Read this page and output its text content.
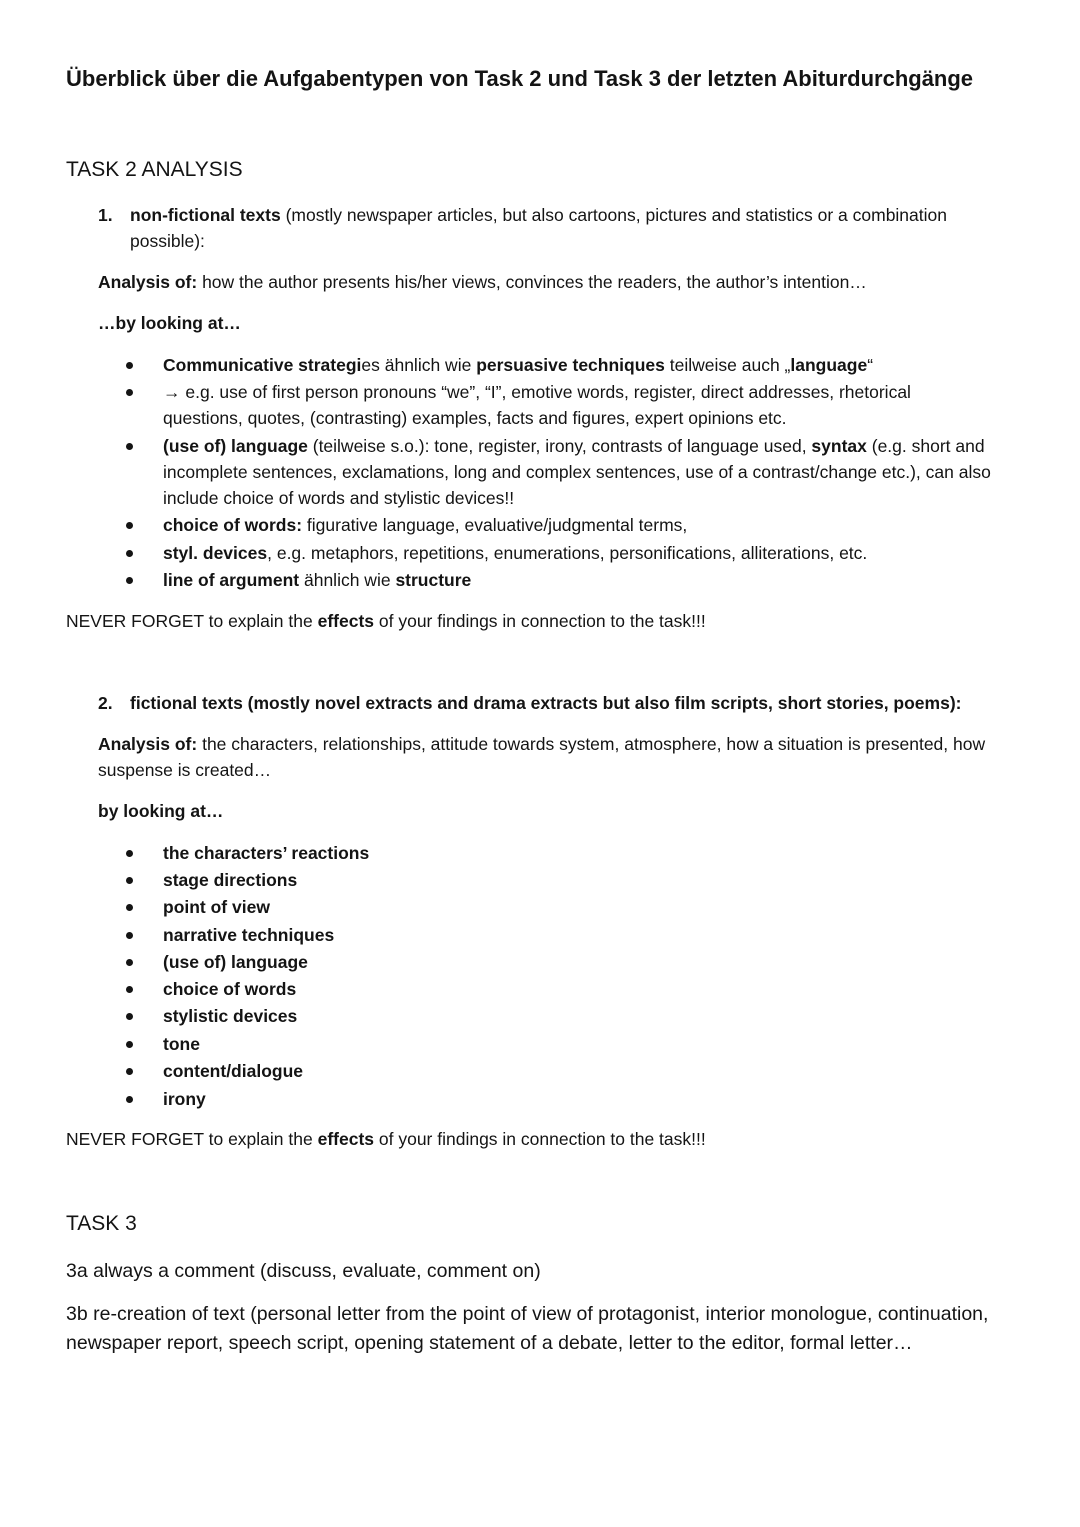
Überblick über die Aufgabentypen von Task 2 und Task 3 der letzten Abiturdurchgänge
TASK 2 ANALYSIS
1. non-fictional texts (mostly newspaper articles, but also cartoons, pictures and statistics or a combination possible):
Analysis of: how the author presents his/her views, convinces the readers, the author’s intention…
…by looking at…
Communicative strategies ähnlich wie persuasive techniques teilweise auch „language“
→ e.g. use of first person pronouns “we”, “I”, emotive words, register, direct addresses, rhetorical questions, quotes, (contrasting) examples, facts and figures, expert opinions etc.
(use of) language (teilweise s.o.): tone, register, irony, contrasts of language used, syntax (e.g. short and incomplete sentences, exclamations, long and complex sentences, use of a contrast/change etc.), can also include choice of words and stylistic devices!!
choice of words: figurative language, evaluative/judgmental terms,
styl. devices, e.g. metaphors, repetitions, enumerations, personifications, alliterations, etc.
line of argument ähnlich wie structure
NEVER FORGET to explain the effects of your findings in connection to the task!!!
2. fictional texts (mostly novel extracts and drama extracts but also film scripts, short stories, poems):
Analysis of: the characters, relationships, attitude towards system, atmosphere, how a situation is presented, how suspense is created…
by looking at…
the characters’ reactions
stage directions
point of view
narrative techniques
(use of) language
choice of words
stylistic devices
tone
content/dialogue
irony
NEVER FORGET to explain the effects of your findings in connection to the task!!!
TASK 3
3a always a comment (discuss, evaluate, comment on)
3b re-creation of text (personal letter from the point of view of protagonist, interior monologue, continuation, newspaper report, speech script, opening statement of a debate, letter to the editor, formal letter…
